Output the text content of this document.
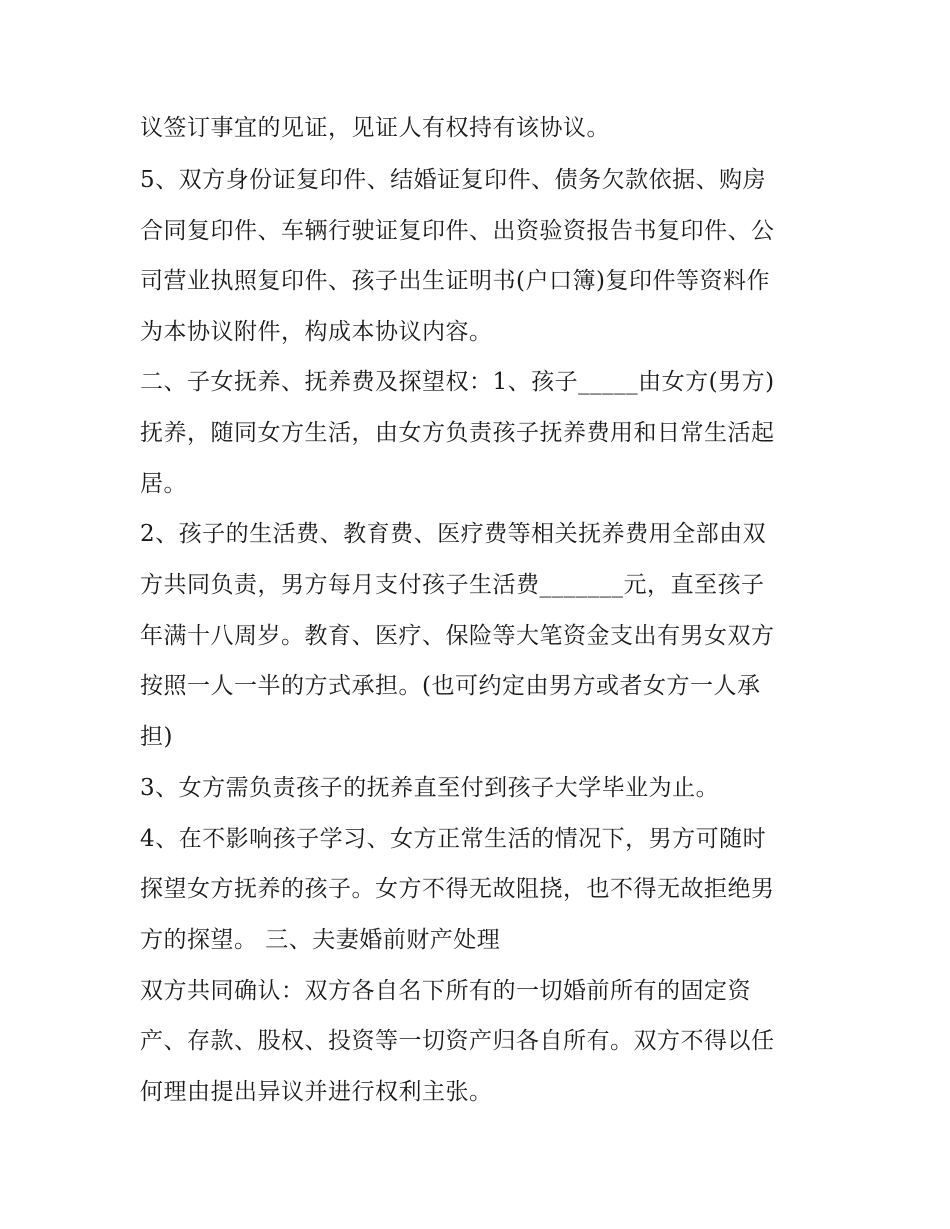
议签订事宜的见证，见证人有权持有该协议。
5、双方身份证复印件、结婚证复印件、债务欠款依据、购房
合同复印件、车辆行驶证复印件、出资验资报告书复印件、公
司营业执照复印件、孩子出生证明书(户口簿)复印件等资料作
为本协议附件，构成本协议内容。
二、子女抚养、抚养费及探望权：1、孩子_____由女方(男方)
抚养，随同女方生活，由女方负责孩子抚养费用和日常生活起
居。
2、孩子的生活费、教育费、医疗费等相关抚养费用全部由双
方共同负责，男方每月支付孩子生活费_______元，直至孩子
年满十八周岁。教育、医疗、保险等大笔资金支出有男女双方
按照一人一半的方式承担。(也可约定由男方或者女方一人承
担)
3、女方需负责孩子的抚养直至付到孩子大学毕业为止。
4、在不影响孩子学习、女方正常生活的情况下，男方可随时
探望女方抚养的孩子。女方不得无故阻挠，也不得无故拒绝男
方的探望。 三、夫妻婚前财产处理
双方共同确认：双方各自名下所有的一切婚前所有的固定资
产、存款、股权、投资等一切资产归各自所有。双方不得以任
何理由提出异议并进行权利主张。
